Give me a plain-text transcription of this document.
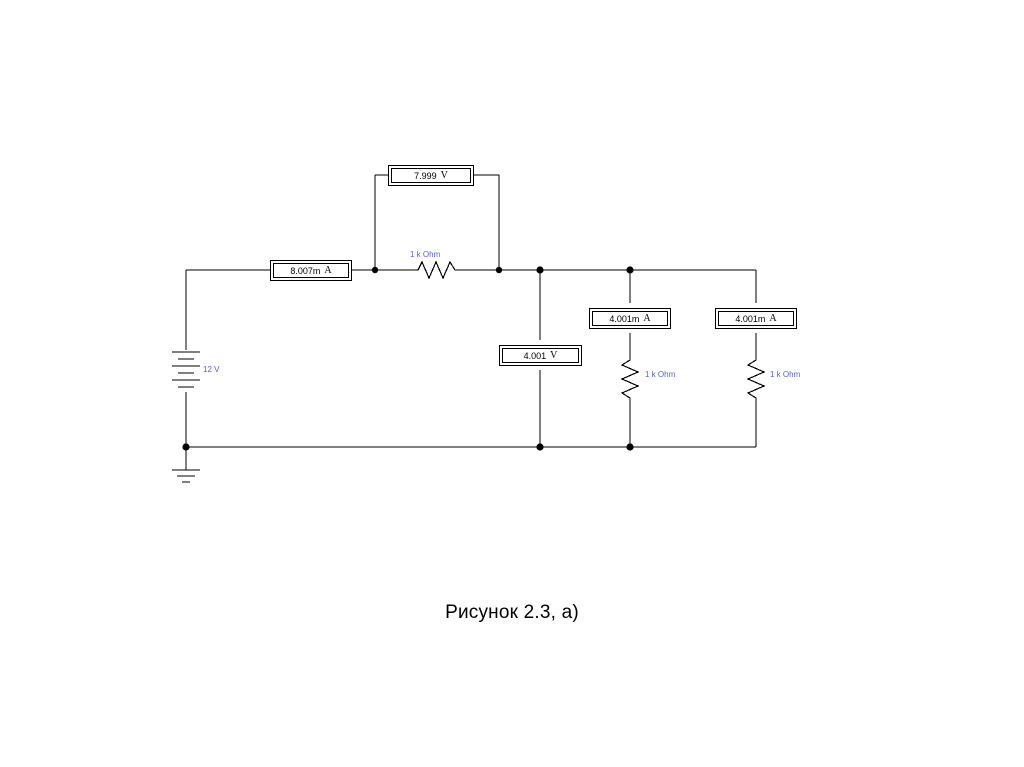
7.999 V
8.007m A
4.001 V
4.001m A	4.001m A
12 V
1 k Ohm
1 k Ohm	1 k Ohm
Рисунок 2.3, а)
